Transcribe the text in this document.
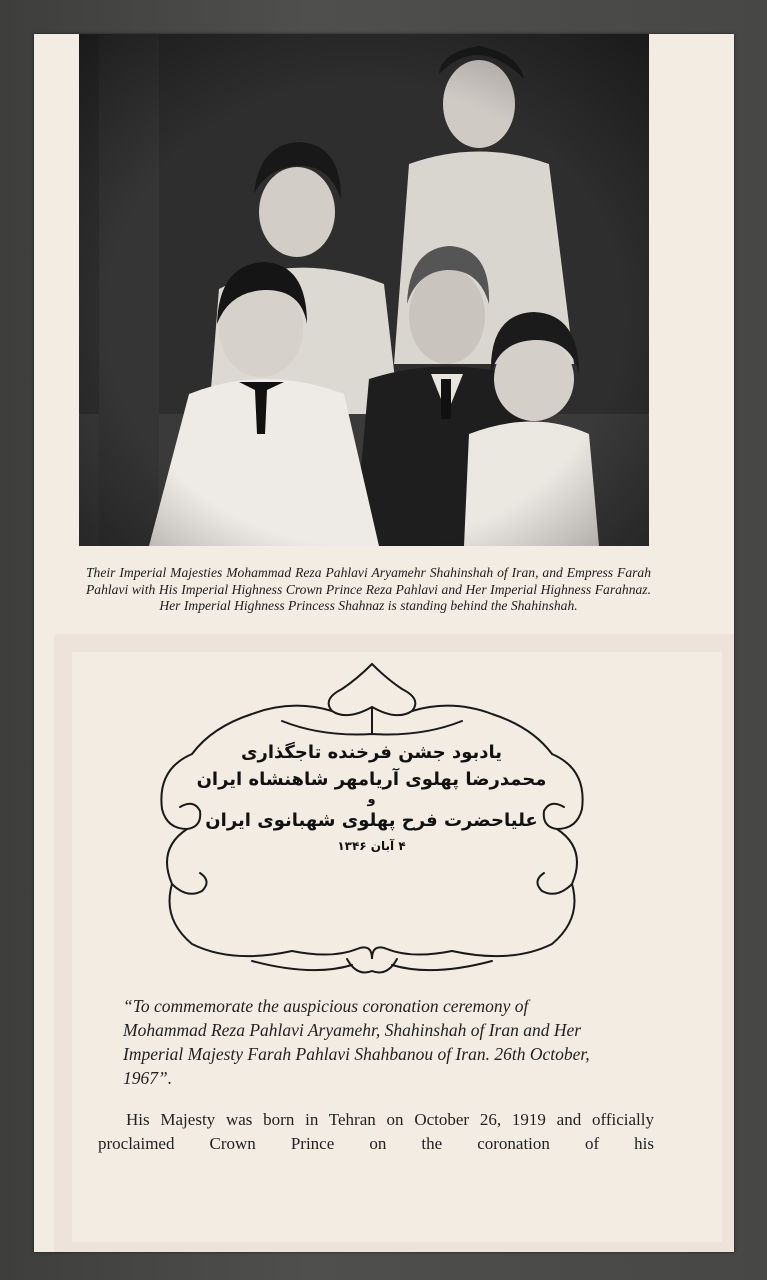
Their Imperial Majesties Mohammad Reza Pahlavi Aryamehr Shahinshah of Iran, and Empress Farah Pahlavi with His Imperial Highness Crown Prince Reza Pahlavi and Her Imperial Highness Farahnaz. Her Imperial Highness Princess Shahnaz is standing behind the Shahinshah.
یادبود جشن فرخنده تاجگذاری
محمدرضا پهلوی آریامهر شاهنشاه ایران
و
علیاحضرت فرح پهلوی شهبانوی ایران
۴ آبان ۱۳۴۶

“To commemorate the auspicious coronation ceremony of Mohammad Reza Pahlavi Aryamehr, Shahinshah of Iran and Her Imperial Majesty Farah Pahlavi Shahbanou of Iran. 26th October, 1967”.

His Majesty was born in Tehran on October 26, 1919 and officially proclaimed Crown Prince on the coronation of his
